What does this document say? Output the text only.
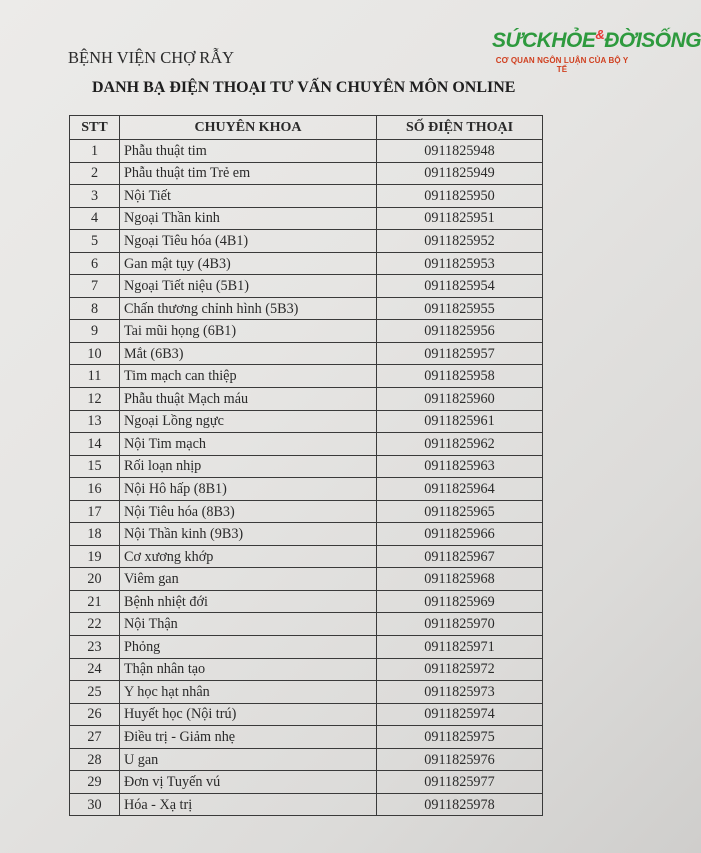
BỆNH VIỆN CHỢ RẪY
SỨCKHỎE&ĐỜISỐNG
CƠ QUAN NGÔN LUẬN CỦA BỘ Y TẾ
DANH BẠ ĐIỆN THOẠI TƯ VẤN CHUYÊN MÔN ONLINE
STT	CHUYÊN KHOA	SỐ ĐIỆN THOẠI
1	Phẫu thuật tim	0911825948
2	Phẫu thuật tim Trẻ em	0911825949
3	Nội Tiết	0911825950
4	Ngoại Thần kinh	0911825951
5	Ngoại Tiêu hóa (4B1)	0911825952
6	Gan mật tụy (4B3)	0911825953
7	Ngoại Tiết niệu (5B1)	0911825954
8	Chấn thương chỉnh hình (5B3)	0911825955
9	Tai mũi họng (6B1)	0911825956
10	Mắt (6B3)	0911825957
11	Tim mạch can thiệp	0911825958
12	Phẫu thuật Mạch máu	0911825960
13	Ngoại Lồng ngực	0911825961
14	Nội Tim mạch	0911825962
15	Rối loạn nhịp	0911825963
16	Nội Hô hấp (8B1)	0911825964
17	Nội Tiêu hóa (8B3)	0911825965
18	Nội Thần kinh (9B3)	0911825966
19	Cơ xương khớp	0911825967
20	Viêm gan	0911825968
21	Bệnh nhiệt đới	0911825969
22	Nội Thận	0911825970
23	Phỏng	0911825971
24	Thận nhân tạo	0911825972
25	Y học hạt nhân	0911825973
26	Huyết học (Nội trú)	0911825974
27	Điều trị - Giảm nhẹ	0911825975
28	U gan	0911825976
29	Đơn vị Tuyến vú	0911825977
30	Hóa - Xạ trị	0911825978
